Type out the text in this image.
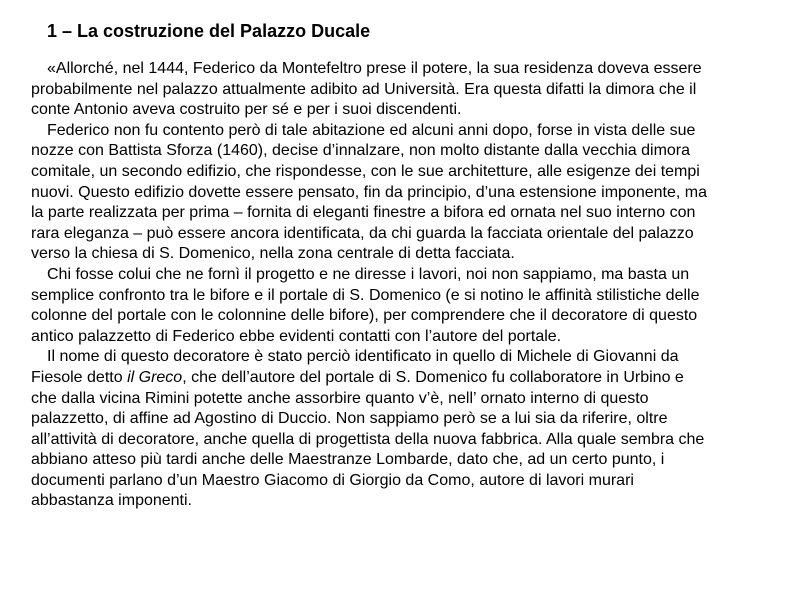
1 – La costruzione del Palazzo Ducale
«Allorché, nel 1444, Federico da Montefeltro prese il potere, la sua residenza doveva essere
probabilmente nel palazzo attualmente adibito ad Università. Era questa difatti la dimora che il
conte Antonio aveva costruito per sé e per i suoi discendenti.
Federico non fu contento però di tale abitazione ed alcuni anni dopo, forse in vista delle sue
nozze con Battista Sforza (1460), decise d’innalzare, non molto distante dalla vecchia dimora
comitale, un secondo edifizio, che rispondesse, con le sue architetture, alle esigenze dei tempi
nuovi. Questo edifizio dovette essere pensato, fin da principio, d’una estensione imponente, ma
la parte realizzata per prima – fornita di eleganti finestre a bifora ed ornata nel suo interno con
rara eleganza – può essere ancora identificata, da chi guarda la facciata orientale del palazzo
verso la chiesa di S. Domenico, nella zona centrale di detta facciata.
Chi fosse colui che ne fornì il progetto e ne diresse i lavori, noi non sappiamo, ma basta un
semplice confronto tra le bifore e il portale di S. Domenico (e si notino le affinità stilistiche delle
colonne del portale con le colonnine delle bifore), per comprendere che il decoratore di questo
antico palazzetto di Federico ebbe evidenti contatti con l’autore del portale.
Il nome di questo decoratore è stato perciò identificato in quello di Michele di Giovanni da
Fiesole detto il Greco, che dell’autore del portale di S. Domenico fu collaboratore in Urbino e
che dalla vicina Rimini potette anche assorbire quanto v’è, nell’ ornato interno di questo
palazzetto, di affine ad Agostino di Duccio. Non sappiamo però se a lui sia da riferire, oltre
all’attività di decoratore, anche quella di progettista della nuova fabbrica. Alla quale sembra che
abbiano atteso più tardi anche delle Maestranze Lombarde, dato che, ad un certo punto, i
documenti parlano d’un Maestro Giacomo di Giorgio da Como, autore di lavori murari
abbastanza imponenti.
